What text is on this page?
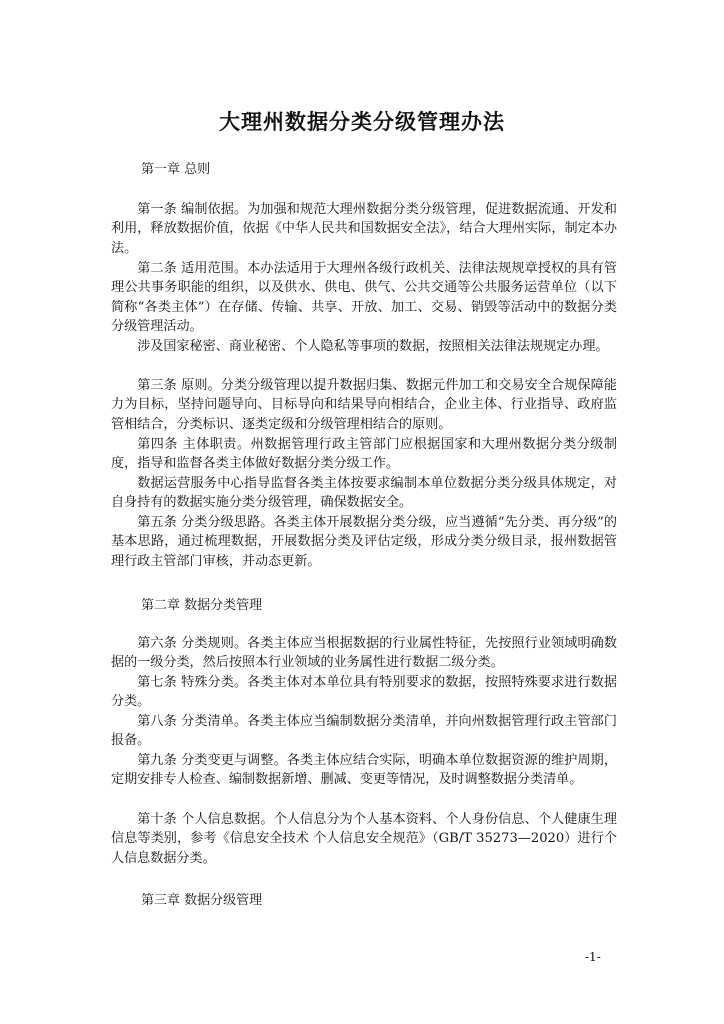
大理州数据分类分级管理办法
第一章 总则

第一条 编制依据。为加强和规范大理州数据分类分级管理，促进数据流通、开发和利用，释放数据价值，依据《中华人民共和国数据安全法》，结合大理州实际，制定本办法。

第二条 适用范围。本办法适用于大理州各级行政机关、法律法规规章授权的具有管理公共事务职能的组织，以及供水、供电、供气、公共交通等公共服务运营单位（以下简称“各类主体”）在存储、传输、共享、开放、加工、交易、销毁等活动中的数据分类分级管理活动。

涉及国家秘密、商业秘密、个人隐私等事项的数据，按照相关法律法规规定办理。

第三条 原则。分类分级管理以提升数据归集、数据元件加工和交易安全合规保障能力为目标，坚持问题导向、目标导向和结果导向相结合，企业主体、行业指导、政府监管相结合，分类标识、逐类定级和分级管理相结合的原则。

第四条 主体职责。州数据管理行政主管部门应根据国家和大理州数据分类分级制度，指导和监督各类主体做好数据分类分级工作。

数据运营服务中心指导监督各类主体按要求编制本单位数据分类分级具体规定，对自身持有的数据实施分类分级管理，确保数据安全。

第五条 分类分级思路。各类主体开展数据分类分级，应当遵循“先分类、再分级”的基本思路，通过梳理数据，开展数据分类及评估定级，形成分类分级目录，报州数据管理行政主管部门审核，并动态更新。

第二章 数据分类管理

第六条 分类规则。各类主体应当根据数据的行业属性特征，先按照行业领域明确数据的一级分类，然后按照本行业领域的业务属性进行数据二级分类。

第七条 特殊分类。各类主体对本单位具有特别要求的数据，按照特殊要求进行数据分类。

第八条 分类清单。各类主体应当编制数据分类清单，并向州数据管理行政主管部门报备。

第九条 分类变更与调整。各类主体应结合实际，明确本单位数据资源的维护周期，定期安排专人检查、编制数据新增、删减、变更等情况，及时调整数据分类清单。

第十条 个人信息数据。个人信息分为个人基本资料、个人身份信息、个人健康生理信息等类别，参考《信息安全技术 个人信息安全规范》（GB/T 35273—2020）进行个人信息数据分类。

第三章 数据分级管理
-1-
